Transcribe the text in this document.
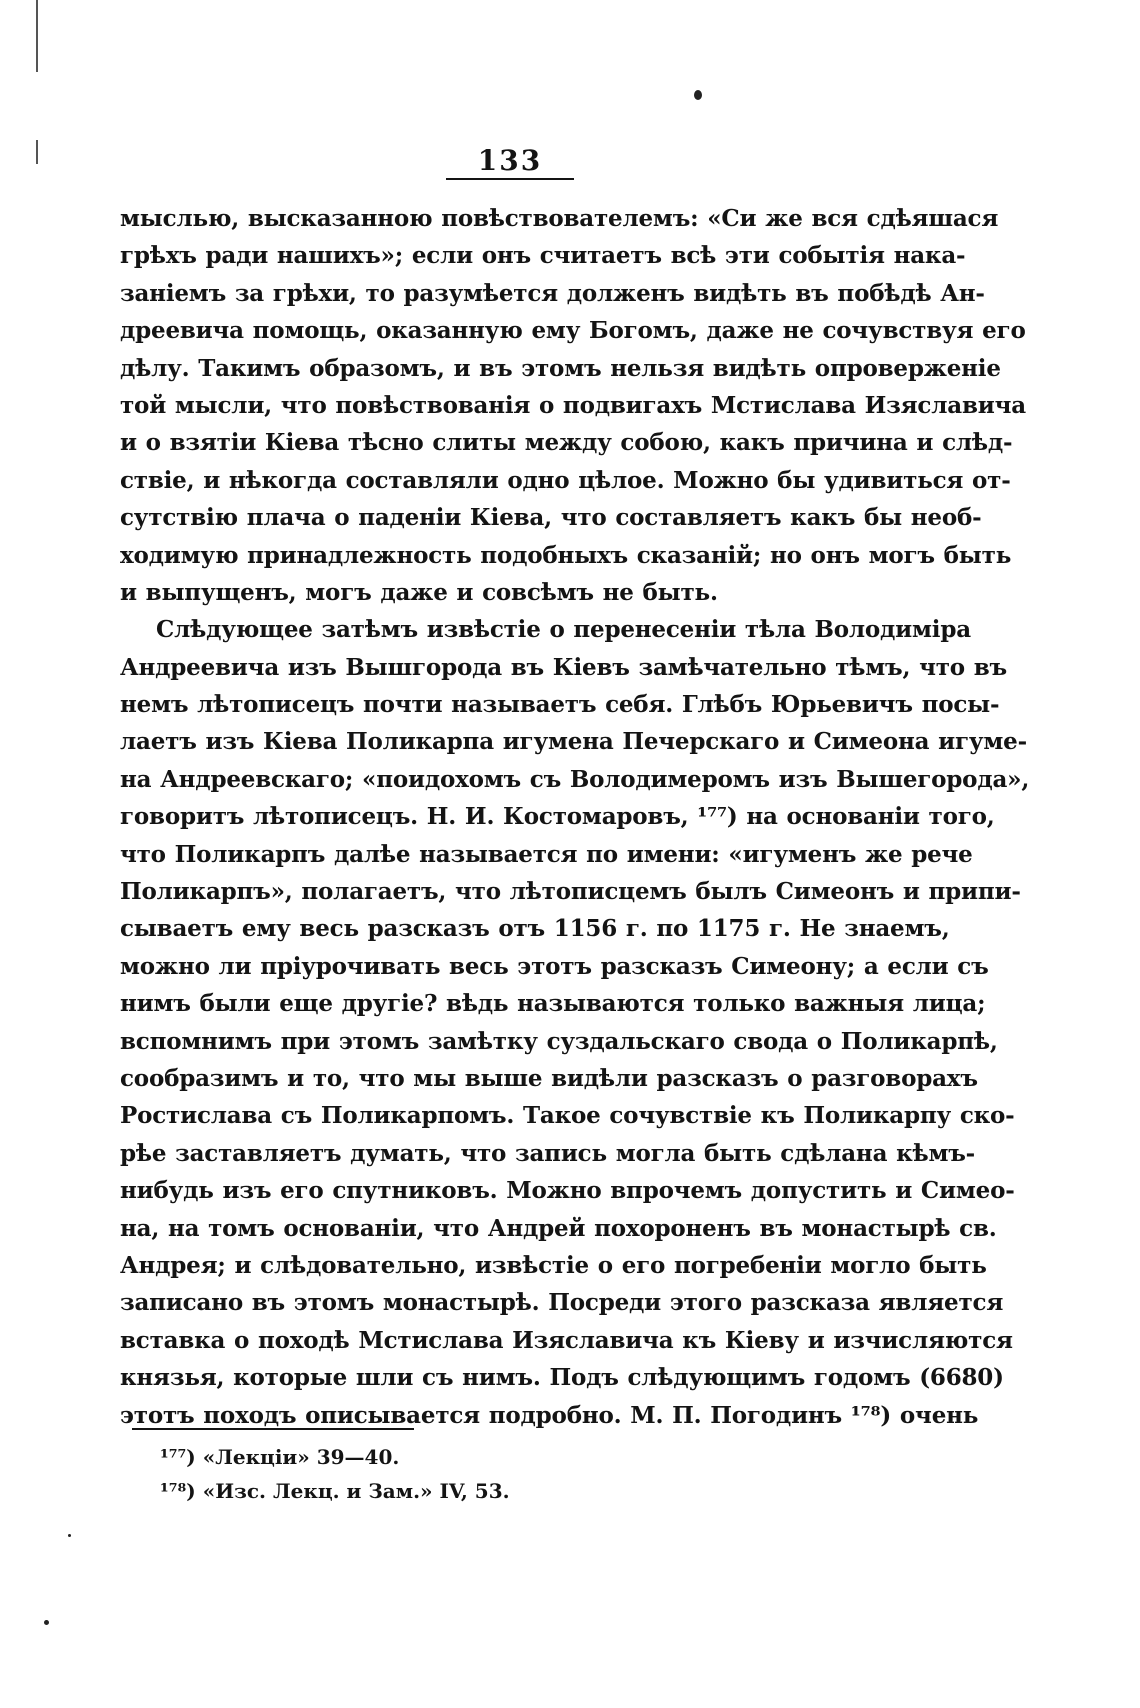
133
мыслью, высказанною повѣствователемъ: «Си же вся сдѣяшася
грѣхъ ради нашихъ»; если онъ считаетъ всѣ эти событія нака-
заніемъ за грѣхи, то разумѣется долженъ видѣть въ побѣдѣ Ан-
дреевича помощь, оказанную ему Богомъ, даже не сочувствуя его
дѣлу. Такимъ образомъ, и въ этомъ нельзя видѣть опроверженіе
той мысли, что повѣствованія о подвигахъ Мстислава Изяславича
и о взятіи Кіева тѣсно слиты между собою, какъ причина и слѣд-
ствіе, и нѣкогда составляли одно цѣлое. Можно бы удивиться от-
сутствію плача о паденіи Кіева, что составляетъ какъ бы необ-
ходимую принадлежность подобныхъ сказаній; но онъ могъ быть
и выпущенъ, могъ даже и совсѣмъ не быть.
Слѣдующее затѣмъ извѣстіе о перенесеніи тѣла Володиміра
Андреевича изъ Вышгорода въ Кіевъ замѣчательно тѣмъ, что въ
немъ лѣтописецъ почти называетъ себя. Глѣбъ Юрьевичъ посы-
лаетъ изъ Кіева Поликарпа игумена Печерскаго и Симеона игуме-
на Андреевскаго; «поидохомъ съ Володимеромъ изъ Вышегорода»,
говоритъ лѣтописецъ. Н. И. Костомаровъ, ¹⁷⁷) на основаніи того,
что Поликарпъ далѣе называется по имени: «игуменъ же рече
Поликарпъ», полагаетъ, что лѣтописцемъ былъ Симеонъ и припи-
сываетъ ему весь разсказъ отъ 1156 г. по 1175 г. Не знаемъ,
можно ли пріурочивать весь этотъ разсказъ Симеону; а если съ
нимъ были еще другіе? вѣдь называются только важныя лица;
вспомнимъ при этомъ замѣтку суздальскаго свода о Поликарпѣ,
сообразимъ и то, что мы выше видѣли разсказъ о разговорахъ
Ростислава съ Поликарпомъ. Такое сочувствіе къ Поликарпу ско-
рѣе заставляетъ думать, что запись могла быть сдѣлана кѣмъ-
нибудь изъ его спутниковъ. Можно впрочемъ допустить и Симео-
на, на томъ основаніи, что Андрей похороненъ въ монастырѣ св.
Андрея; и слѣдовательно, извѣстіе о его погребеніи могло быть
записано въ этомъ монастырѣ. Посреди этого разсказа является
вставка о походѣ Мстислава Изяславича къ Кіеву и изчисляются
князья, которые шли съ нимъ. Подъ слѣдующимъ годомъ (6680)
этотъ походъ описывается подробно. М. П. Погодинъ ¹⁷⁸) очень
¹⁷⁷) «Лекціи» 39—40.
¹⁷⁸) «Изс. Лекц. и Зам.» IV, 53.
